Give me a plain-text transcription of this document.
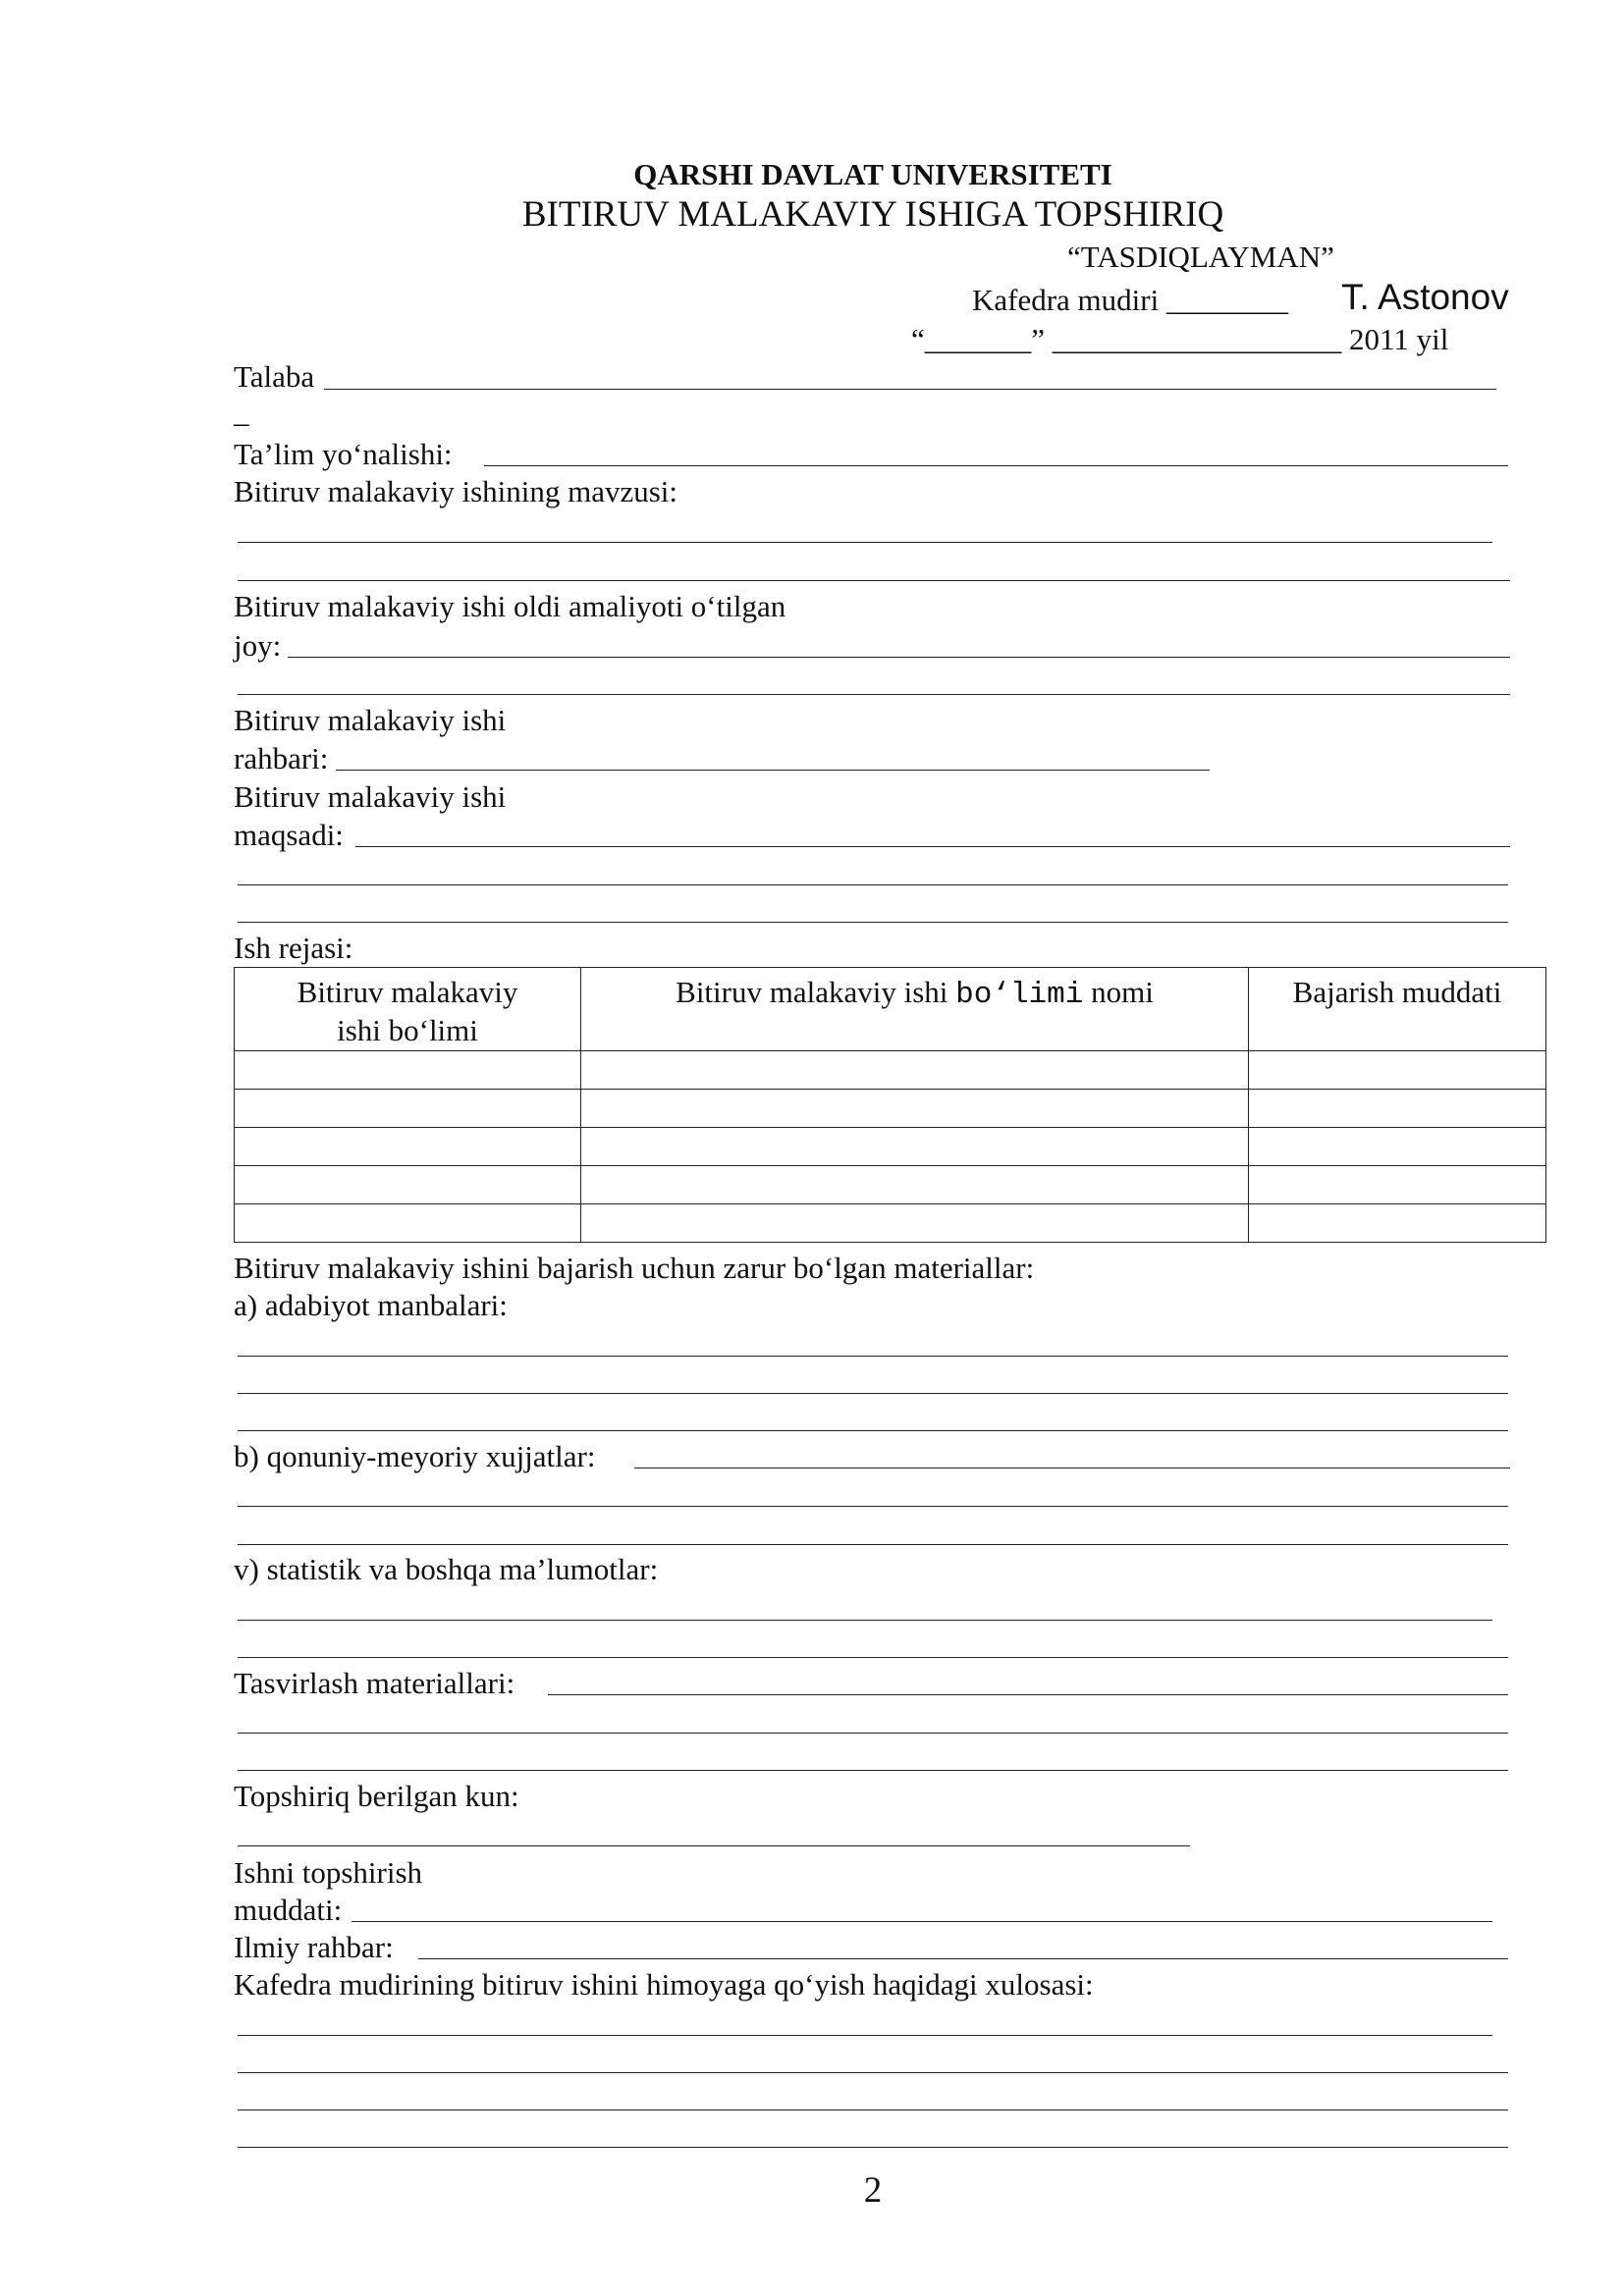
QARSHI DAVLAT UNIVERSITETI
BITIRUV MALAKAVIY ISHIGA TOPSHIRIQ
“TASDIQLAYMAN”
Kafedra mudiri ________ T. Astonov
“_______” ___________________ 2011 yil
Talaba
_
Ta’lim yo‘nalishi:
Bitiruv malakaviy ishining mavzusi:
Bitiruv malakaviy ishi oldi amaliyoti o‘tilgan
joy:
Bitiruv malakaviy ishi
rahbari:
Bitiruv malakaviy ishi
maqsadi:
Ish rejasi:
Bitiruv malakaviy ishi bo‘limi	Bitiruv malakaviy ishi bo‘limi nomi	Bajarish muddati

Bitiruv malakaviy ishini bajarish uchun zarur bo‘lgan materiallar:
a) adabiyot manbalari:
b) qonuniy-meyoriy xujjatlar:
v) statistik va boshqa ma’lumotlar:
Tasvirlash materiallari:
Topshiriq berilgan kun:
Ishni topshirish
muddati:
Ilmiy rahbar:
Kafedra mudirining bitiruv ishini himoyaga qo‘yish haqidagi xulosasi:
2
